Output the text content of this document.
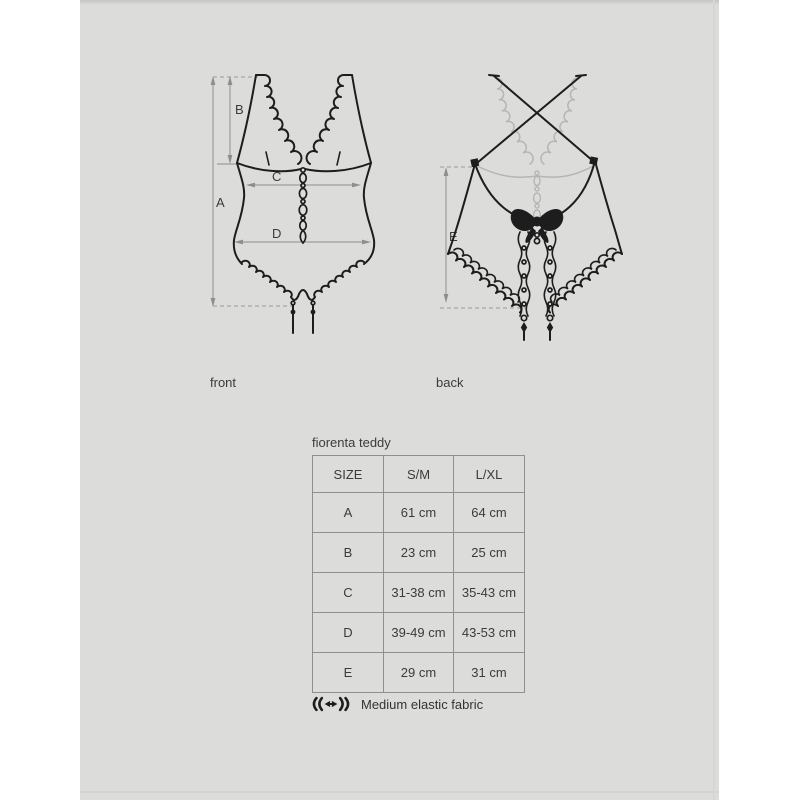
A
B
C
D	E
front	back
fiorenta teddy
SIZE	S/M	L/XL
A	61 cm	64 cm
B	23 cm	25 cm
C	31-38 cm	35-43 cm
D	39-49 cm	43-53 cm
E	29 cm	31 cm
Medium elastic fabric
